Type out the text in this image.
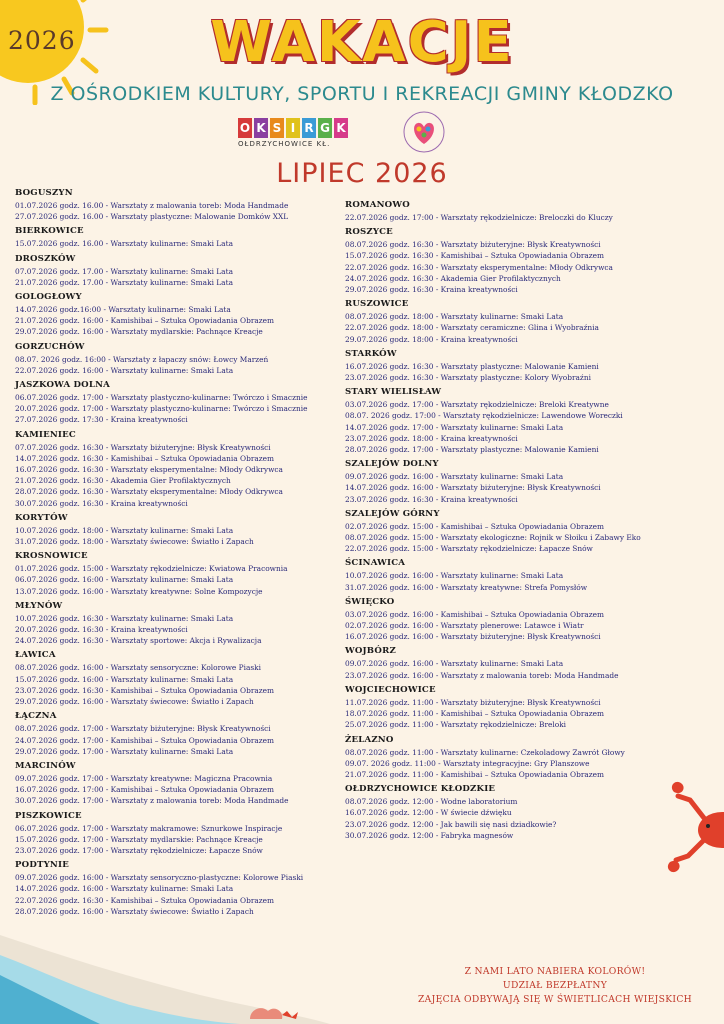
2026	WAKACJE
Z OŚRODKIEM KULTURY, SPORTU I REKREACJI GMINY KŁODZKO
O K S I R G K
OŁDRZYCHOWICE KŁ.
LIPIEC 2026
BOGUSZYN
01.07.2026 godz. 16.00 - Warsztaty z malowania toreb: Moda Handmade
27.07.2026 godz. 16.00 - Warsztaty plastyczne: Malowanie Domków XXL
BIERKOWICE
15.07.2026 godz. 16.00 - Warsztaty kulinarne: Smaki Lata
DROSZKÓW
07.07.2026 godz. 17.00 - Warsztaty kulinarne: Smaki Lata
21.07.2026 godz. 17.00 - Warsztaty kulinarne: Smaki Lata
GOLOGŁOWY
14.07.2026 godz.16:00 - Warsztaty kulinarne: Smaki Lata
21.07.2026 godz. 16:00 - Kamishibai – Sztuka Opowiadania Obrazem
29.07.2026 godz. 16:00 - Warsztaty mydlarskie: Pachnące Kreacje
GORZUCHÓW
08.07. 2026 godz. 16:00 - Warsztaty z łapaczy snów: Łowcy Marzeń
22.07.2026 godz. 16:00 - Warsztaty kulinarne: Smaki Lata
JASZKOWA DOLNA
06.07.2026 godz. 17:00 - Warsztaty plastyczno-kulinarne: Twórczo i Smacznie
20.07.2026 godz. 17:00 - Warsztaty plastyczno-kulinarne: Twórczo i Smacznie
27.07.2026 godz. 17:30 - Kraina kreatywności
KAMIENIEC
07.07.2026 godz. 16:30 - Warsztaty biżuteryjne: Błysk Kreatywności
14.07.2026 godz. 16:30 - Kamishibai – Sztuka Opowiadania Obrazem
16.07.2026 godz. 16:30 - Warsztaty eksperymentalne: Młody Odkrywca
21.07.2026 godz. 16:30 - Akademia Gier Profilaktycznych
28.07.2026 godz. 16:30 - Warsztaty eksperymentalne: Młody Odkrywca
30.07.2026 godz. 16:30 - Kraina kreatywności
KORYTÓW
10.07.2026 godz. 18:00 - Warsztaty kulinarne: Smaki Lata
31.07.2026 godz. 18:00 - Warsztaty świecowe: Światło i Zapach
KROSNOWICE
01.07.2026 godz. 15:00 - Warsztaty rękodzielnicze: Kwiatowa Pracownia
06.07.2026 godz. 16:00 - Warsztaty kulinarne: Smaki Lata
13.07.2026 godz. 16:00 - Warsztaty kreatywne: Solne Kompozycje
MŁYNÓW
10.07.2026 godz. 16:30 - Warsztaty kulinarne: Smaki Lata
20.07.2026 godz. 16:30 - Kraina kreatywności
24.07.2026 godz. 16:30 - Warsztaty sportowe: Akcja i Rywalizacja
ŁAWICA
08.07.2026 godz. 16:00 - Warsztaty sensoryczne: Kolorowe Piaski
15.07.2026 godz. 16:00 - Warsztaty kulinarne: Smaki Lata
23.07.2026 godz. 16:30 - Kamishibai – Sztuka Opowiadania Obrazem
29.07.2026 godz. 16:00 - Warsztaty świecowe: Światło i Zapach
ŁĄCZNA
08.07.2026 godz. 17:00 - Warsztaty biżuteryjne: Błysk Kreatywności
24.07.2026 godz. 17:00 - Kamishibai – Sztuka Opowiadania Obrazem
29.07.2026 godz. 17:00 - Warsztaty kulinarne: Smaki Lata
MARCINÓW
09.07.2026 godz. 17:00 - Warsztaty kreatywne: Magiczna Pracownia
16.07.2026 godz. 17:00 - Kamishibai – Sztuka Opowiadania Obrazem
30.07.2026 godz. 17:00 - Warsztaty z malowania toreb: Moda Handmade
PISZKOWICE
06.07.2026 godz. 17:00 - Warsztaty makramowe: Sznurkowe Inspiracje
15.07.2026 godz. 17:00 - Warsztaty mydlarskie: Pachnące Kreacje
23.07.2026 godz. 17:00 - Warsztaty rękodzielnicze: Łapacze Snów
PODTYNIE
09.07.2026 godz. 16:00 - Warsztaty sensoryczno-plastyczne: Kolorowe Piaski
14.07.2026 godz. 16:00 - Warsztaty kulinarne: Smaki Lata
22.07.2026 godz. 16:30 - Kamishibai – Sztuka Opowiadania Obrazem
28.07.2026 godz. 16:00 - Warsztaty świecowe: Światło i Zapach
ROMANOWO
22.07.2026 godz. 17:00 - Warsztaty rękodzielnicze: Breloczki do Kluczy
ROSZYCE
08.07.2026 godz. 16:30 - Warsztaty biżuteryjne: Błysk Kreatywności
15.07.2026 godz. 16:30 - Kamishibai – Sztuka Opowiadania Obrazem
22.07.2026 godz. 16:30 - Warsztaty eksperymentalne: Młody Odkrywca
24.07.2026 godz. 16:30 - Akademia Gier Profilaktycznych
29.07.2026 godz. 16:30 - Kraina kreatywności
RUSZOWICE
08.07.2026 godz. 18:00 - Warsztaty kulinarne: Smaki Lata
22.07.2026 godz. 18:00 - Warsztaty ceramiczne: Glina i Wyobraźnia
29.07.2026 godz. 18:00 - Kraina kreatywności
STARKÓW
16.07.2026 godz. 16:30 - Warsztaty plastyczne: Malowanie Kamieni
23.07.2026 godz. 16:30 - Warsztaty plastyczne: Kolory Wyobraźni
STARY WIELISŁAW
03.07.2026 godz. 17:00 - Warsztaty rękodzielnicze: Breloki Kreatywne
08.07. 2026 godz. 17:00 - Warsztaty rękodzielnicze: Lawendowe Woreczki
14.07.2026 godz. 17:00 - Warsztaty kulinarne: Smaki Lata
23.07.2026 godz. 18:00 - Kraina kreatywności
28.07.2026 godz. 17:00 - Warsztaty plastyczne: Malowanie Kamieni
SZALEJÓW DOLNY
09.07.2026 godz. 16:00 - Warsztaty kulinarne: Smaki Lata
14.07.2026 godz. 16:00 - Warsztaty biżuteryjne: Błysk Kreatywności
23.07.2026 godz. 16:30 - Kraina kreatywności
SZALEJÓW GÓRNY
02.07.2026 godz. 15:00 - Kamishibai – Sztuka Opowiadania Obrazem
08.07.2026 godz. 15:00 - Warsztaty ekologiczne: Rojnik w Słoiku i Zabawy Eko
22.07.2026 godz. 15:00 - Warsztaty rękodzielnicze: Łapacze Snów
ŚCINAWICA
10.07.2026 godz. 16:00 - Warsztaty kulinarne: Smaki Lata
31.07.2026 godz. 16:00 - Warsztaty kreatywne: Strefa Pomysłów
ŚWIĘCKO
03.07.2026 godz. 16:00 - Kamishibai – Sztuka Opowiadania Obrazem
02.07.2026 godz. 16:00 - Warsztaty plenerowe: Latawce i Wiatr
16.07.2026 godz. 16:00 - Warsztaty biżuteryjne: Błysk Kreatywności
WOJBÓRZ
09.07.2026 godz. 16:00 - Warsztaty kulinarne: Smaki Lata
23.07.2026 godz. 16:00 - Warsztaty z malowania toreb: Moda Handmade
WOJCIECHOWICE
11.07.2026 godz. 11:00 - Warsztaty biżuteryjne: Błysk Kreatywności
18.07.2026 godz. 11:00 - Kamishibai – Sztuka Opowiadania Obrazem
25.07.2026 godz. 11:00 - Warsztaty rękodzielnicze: Breloki
ŻELAZNO
08.07.2026 godz. 11:00 - Warsztaty kulinarne: Czekoladowy Zawrót Głowy
09.07. 2026 godz. 11:00 - Warsztaty integracyjne: Gry Planszowe
21.07.2026 godz. 11:00 - Kamishibai – Sztuka Opowiadania Obrazem
OŁDRZYCHOWICE KŁODZKIE
08.07.2026 godz. 12:00 - Wodne laboratorium
16.07.2026 godz. 12:00 - W świecie dźwięku
23.07.2026 godz. 12:00 - Jak bawili się nasi dziadkowie?
30.07.2026 godz. 12:00 - Fabryka magnesów
Z NAMI LATO NABIERA KOLORÓW!
UDZIAŁ BEZPŁATNY
ZAJĘCIA ODBYWAJĄ SIĘ W ŚWIETLICACH WIEJSKICH
